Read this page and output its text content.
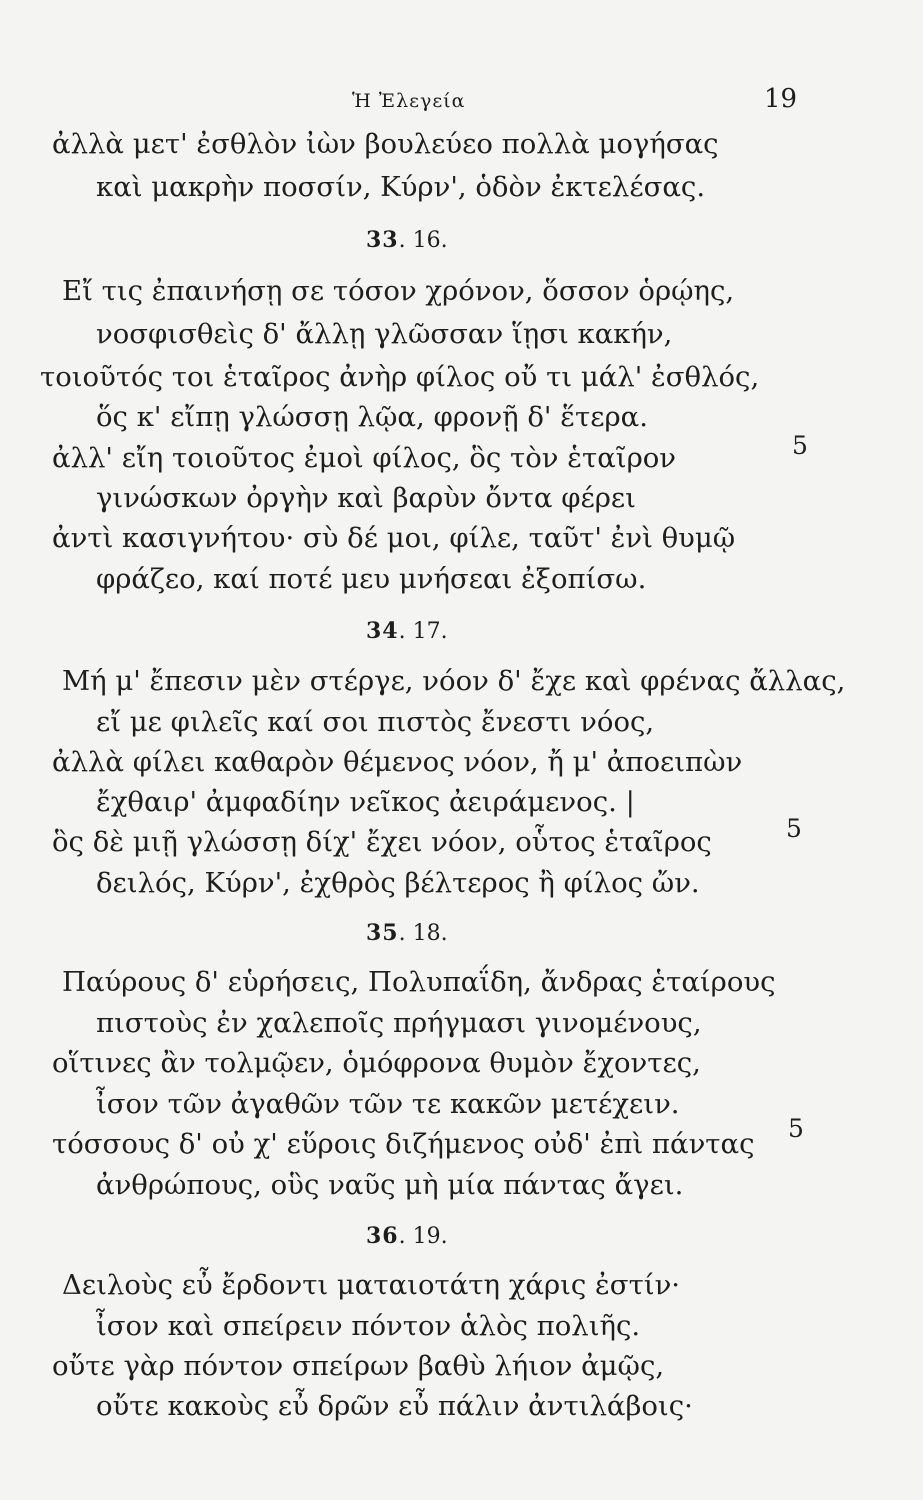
Ἡ Ἐλεγεία	19
ἀλλὰ μετ' ἐσθλὸν ἰὼν βουλεύεο πολλὰ μογήσας
καὶ μακρὴν ποσσίν, Κύρν', ὁδὸν ἐκτελέσας.
33. 16.
Εἴ τις ἐπαινήσῃ σε τόσον χρόνον, ὅσσον ὁρῴης,
νοσφισθεὶς δ' ἄλλῃ γλῶσσαν ἵῃσι κακήν,
τοιοῦτός τοι ἑταῖρος ἀνὴρ φίλος οὔ τι μάλ' ἐσθλός,
ὅς κ' εἴπῃ γλώσσῃ λῷα, φρονῇ δ' ἕτερα.
ἀλλ' εἴη τοιοῦτος ἐμοὶ φίλος, ὃς τὸν ἑταῖρον	5
γινώσκων ὀργὴν καὶ βαρὺν ὄντα φέρει
ἀντὶ κασιγνήτου· σὺ δέ μοι, φίλε, ταῦτ' ἐνὶ θυμῷ
φράζεο, καί ποτέ μευ μνήσεαι ἐξοπίσω.
34. 17.
Μή μ' ἔπεσιν μὲν στέργε, νόον δ' ἔχε καὶ φρένας ἄλλας,
εἴ με φιλεῖς καί σοι πιστὸς ἔνεστι νόος,
ἀλλὰ φίλει καθαρὸν θέμενος νόον, ἤ μ' ἀποειπὼν
ἔχθαιρ' ἀμφαδίην νεῖκος ἀειράμενος. |
ὃς δὲ μιῇ γλώσσῃ δίχ' ἔχει νόον, οὗτος ἑταῖρος	5
δειλός, Κύρν', ἐχθρὸς βέλτερος ἢ φίλος ὤν.
35. 18.
Παύρους δ' εὑρήσεις, Πολυπαΐδη, ἄνδρας ἑταίρους
πιστοὺς ἐν χαλεποῖς πρήγμασι γινομένους,
οἵτινες ἂν τολμῷεν, ὁμόφρονα θυμὸν ἔχοντες,
ἶσον τῶν ἀγαθῶν τῶν τε κακῶν μετέχειν.
τόσσους δ' οὐ χ' εὕροις διζήμενος οὐδ' ἐπὶ πάντας 5
ἀνθρώπους, οὓς ναῦς μὴ μία πάντας ἄγει.
36. 19.
Δειλοὺς εὖ ἔρδοντι ματαιοτάτη χάρις ἐστίν·
ἶσον καὶ σπείρειν πόντον ἁλὸς πολιῆς.
οὔτε γὰρ πόντον σπείρων βαθὺ λήιον ἀμῷς,
οὔτε κακοὺς εὖ δρῶν εὖ πάλιν ἀντιλάβοις·
